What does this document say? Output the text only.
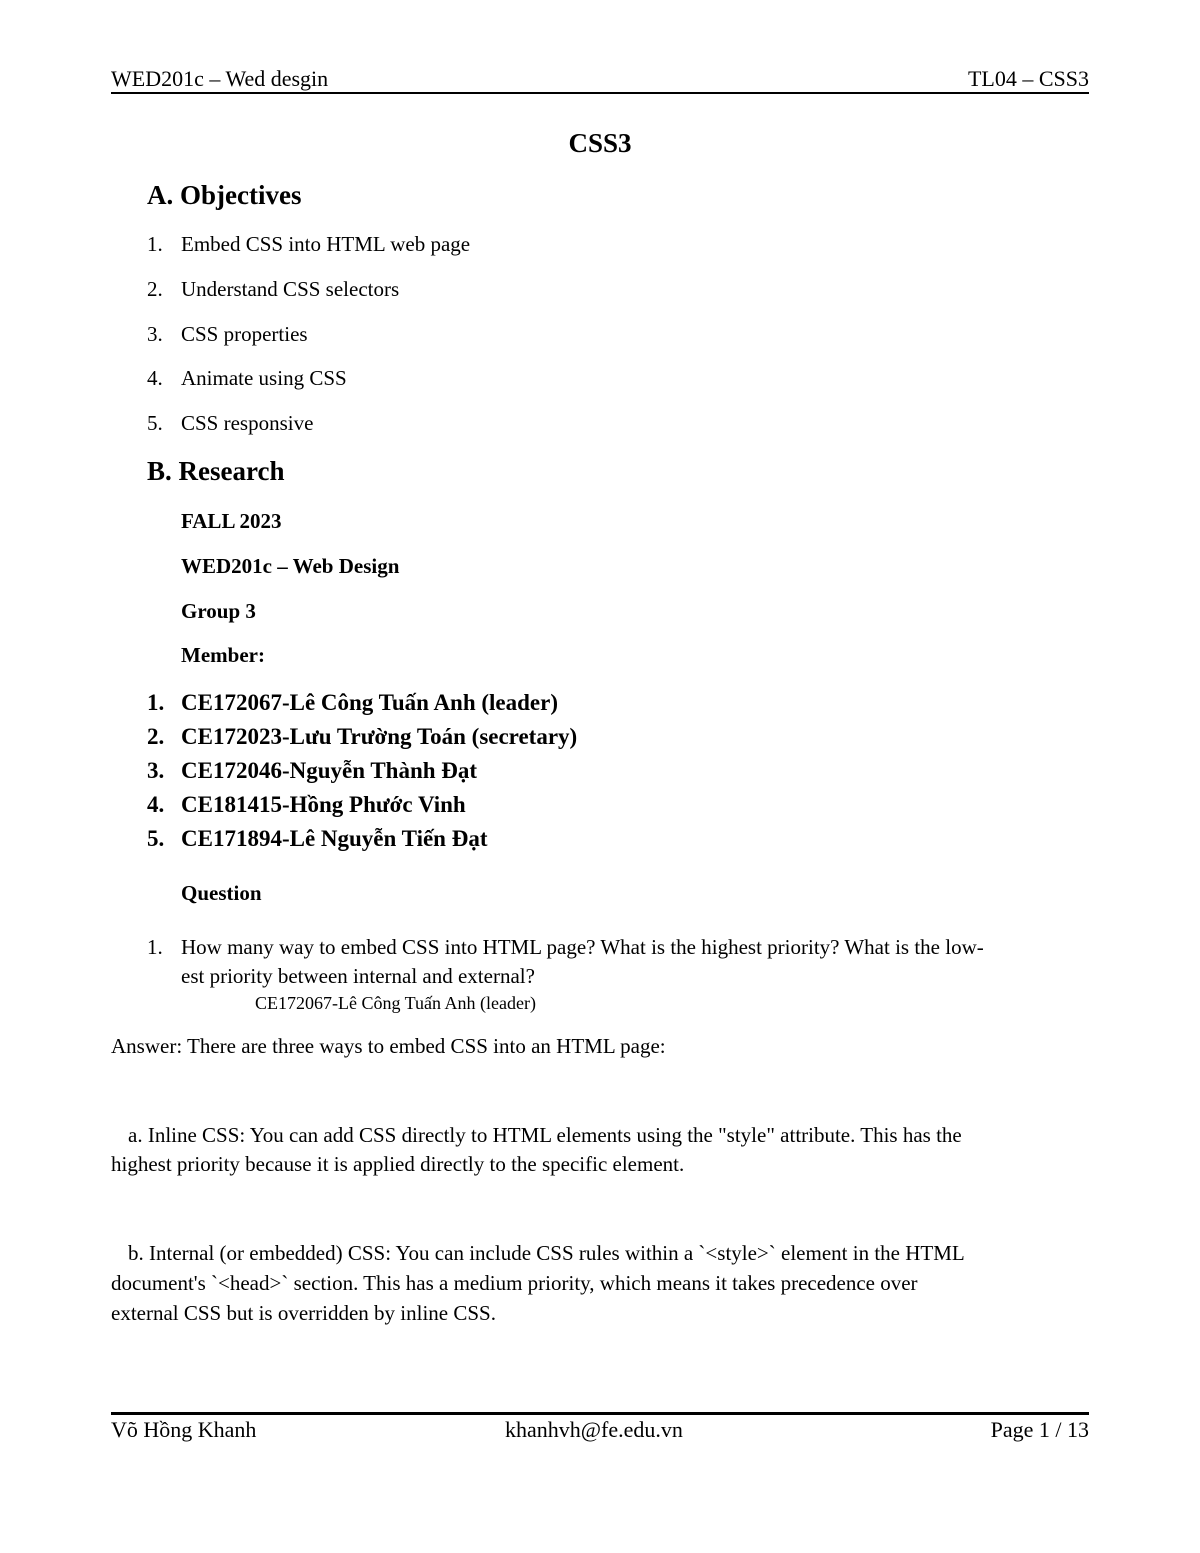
WED201c – Wed desgin	TL04 – CSS3
CSS3
A. Objectives
1. Embed CSS into HTML web page
2. Understand CSS selectors
3. CSS properties
4. Animate using CSS
5. CSS responsive
B. Research
FALL 2023
WED201c – Web Design
Group 3
Member:
1. CE172067-Lê Công Tuấn Anh (leader)
2. CE172023-Lưu Trường Toán (secretary)
3. CE172046-Nguyễn Thành Đạt
4. CE181415-Hồng Phước Vinh
5. CE171894-Lê Nguyễn Tiến Đạt
Question
1. How many way to embed CSS into HTML page? What is the highest priority? What is the low-
est priority between internal and external?
CE172067-Lê Công Tuấn Anh (leader)
Answer: There are three ways to embed CSS into an HTML page:
a. Inline CSS: You can add CSS directly to HTML elements using the "style" attribute. This has the
highest priority because it is applied directly to the specific element.
b. Internal (or embedded) CSS: You can include CSS rules within a `<style>` element in the HTML
document's `<head>` section. This has a medium priority, which means it takes precedence over
external CSS but is overridden by inline CSS.
Võ Hồng Khanh	khanhvh@fe.edu.vn	Page 1 / 13
